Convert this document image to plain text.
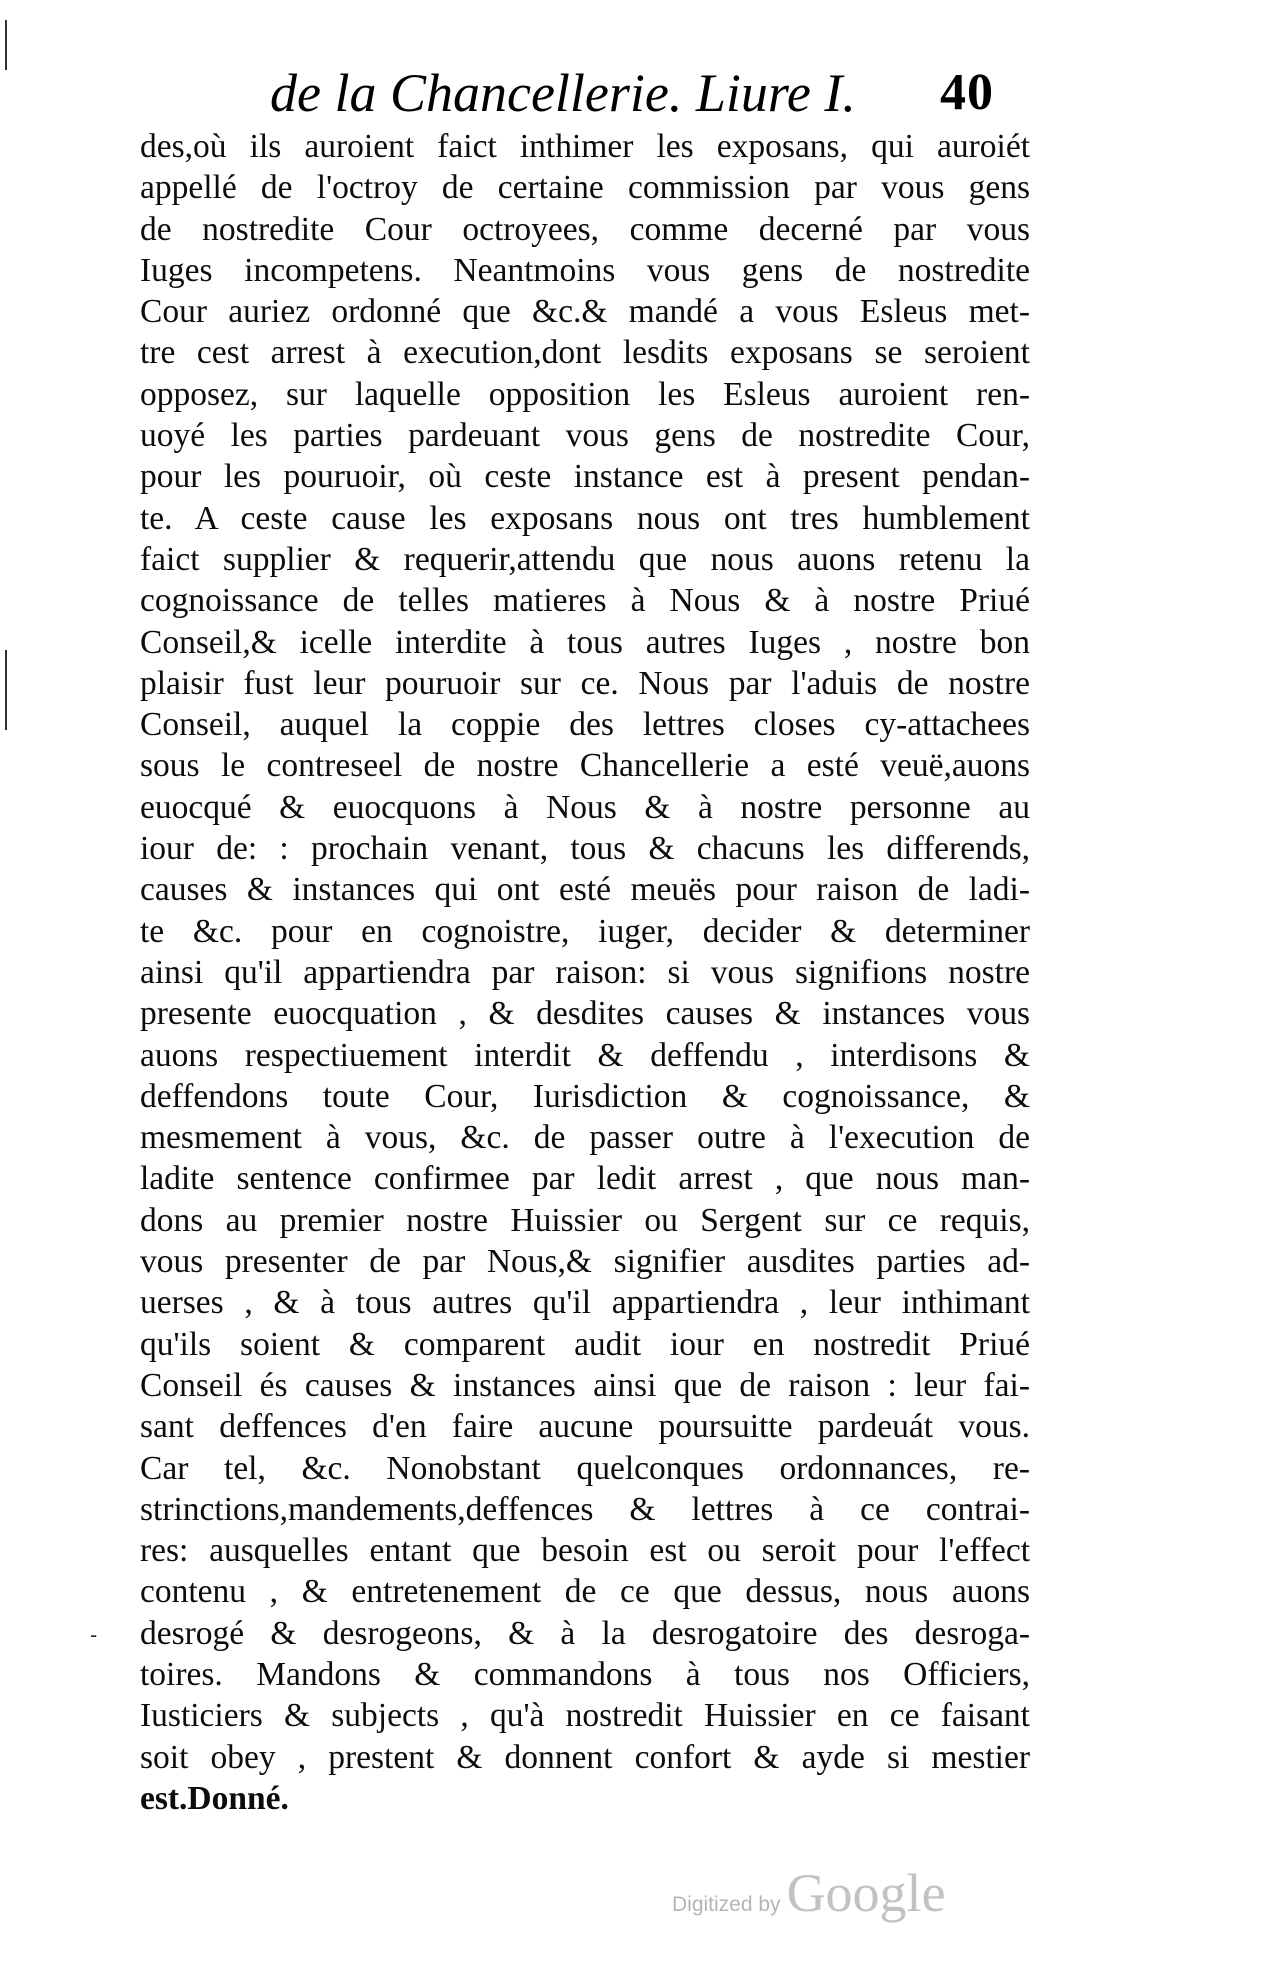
-
de la Chancellerie. Liure I. 40
des,où ils auroient faict inthimer les exposans, qui auroiét
appellé de l'octroy de certaine commission par vous gens
de nostredite Cour octroyees, comme decerné par vous
Iuges incompetens. Neantmoins vous gens de nostredite
Cour auriez ordonné que &c.& mandé a vous Esleus met-
tre cest arrest à execution,dont lesdits exposans se seroient
opposez, sur laquelle opposition les Esleus auroient ren-
uoyé les parties pardeuant vous gens de nostredite Cour,
pour les pouruoir, où ceste instance est à present pendan-
te. A ceste cause les exposans nous ont tres humblement
faict supplier & requerir,attendu que nous auons retenu la
cognoissance de telles matieres à Nous & à nostre Priué
Conseil,& icelle interdite à tous autres Iuges , nostre bon
plaisir fust leur pouruoir sur ce. Nous par l'aduis de nostre
Conseil, auquel la coppie des lettres closes cy-attachees
sous le contreseel de nostre Chancellerie a esté veuë,auons
euocqué & euocquons à Nous & à nostre personne au
iour de: : prochain venant, tous & chacuns les differends,
causes & instances qui ont esté meuës pour raison de ladi-
te &c. pour en cognoistre, iuger, decider & determiner
ainsi qu'il appartiendra par raison: si vous signifions nostre
presente euocquation , & desdites causes & instances vous
auons respectiuement interdit & deffendu , interdisons &
deffendons toute Cour, Iurisdiction & cognoissance, &
mesmement à vous, &c. de passer outre à l'execution de
ladite sentence confirmee par ledit arrest , que nous man-
dons au premier nostre Huissier ou Sergent sur ce requis,
vous presenter de par Nous,& signifier ausdites parties ad-
uerses , & à tous autres qu'il appartiendra , leur inthimant
qu'ils soient & comparent audit iour en nostredit Priué
Conseil és causes & instances ainsi que de raison : leur fai-
sant deffences d'en faire aucune poursuitte pardeuát vous.
Car tel, &c. Nonobstant quelconques ordonnances, re-
strinctions,mandements,deffences & lettres à ce contrai-
res: ausquelles entant que besoin est ou seroit pour l'effect
contenu , & entretenement de ce que dessus, nous auons
desrogé & desrogeons, & à la desrogatoire des desroga-
toires. Mandons & commandons à tous nos Officiers,
Iusticiers & subjects , qu'à nostredit Huissier en ce faisant
soit obey , prestent & donnent confort & ayde si mestier
est.Donné.
Digitized by Google
